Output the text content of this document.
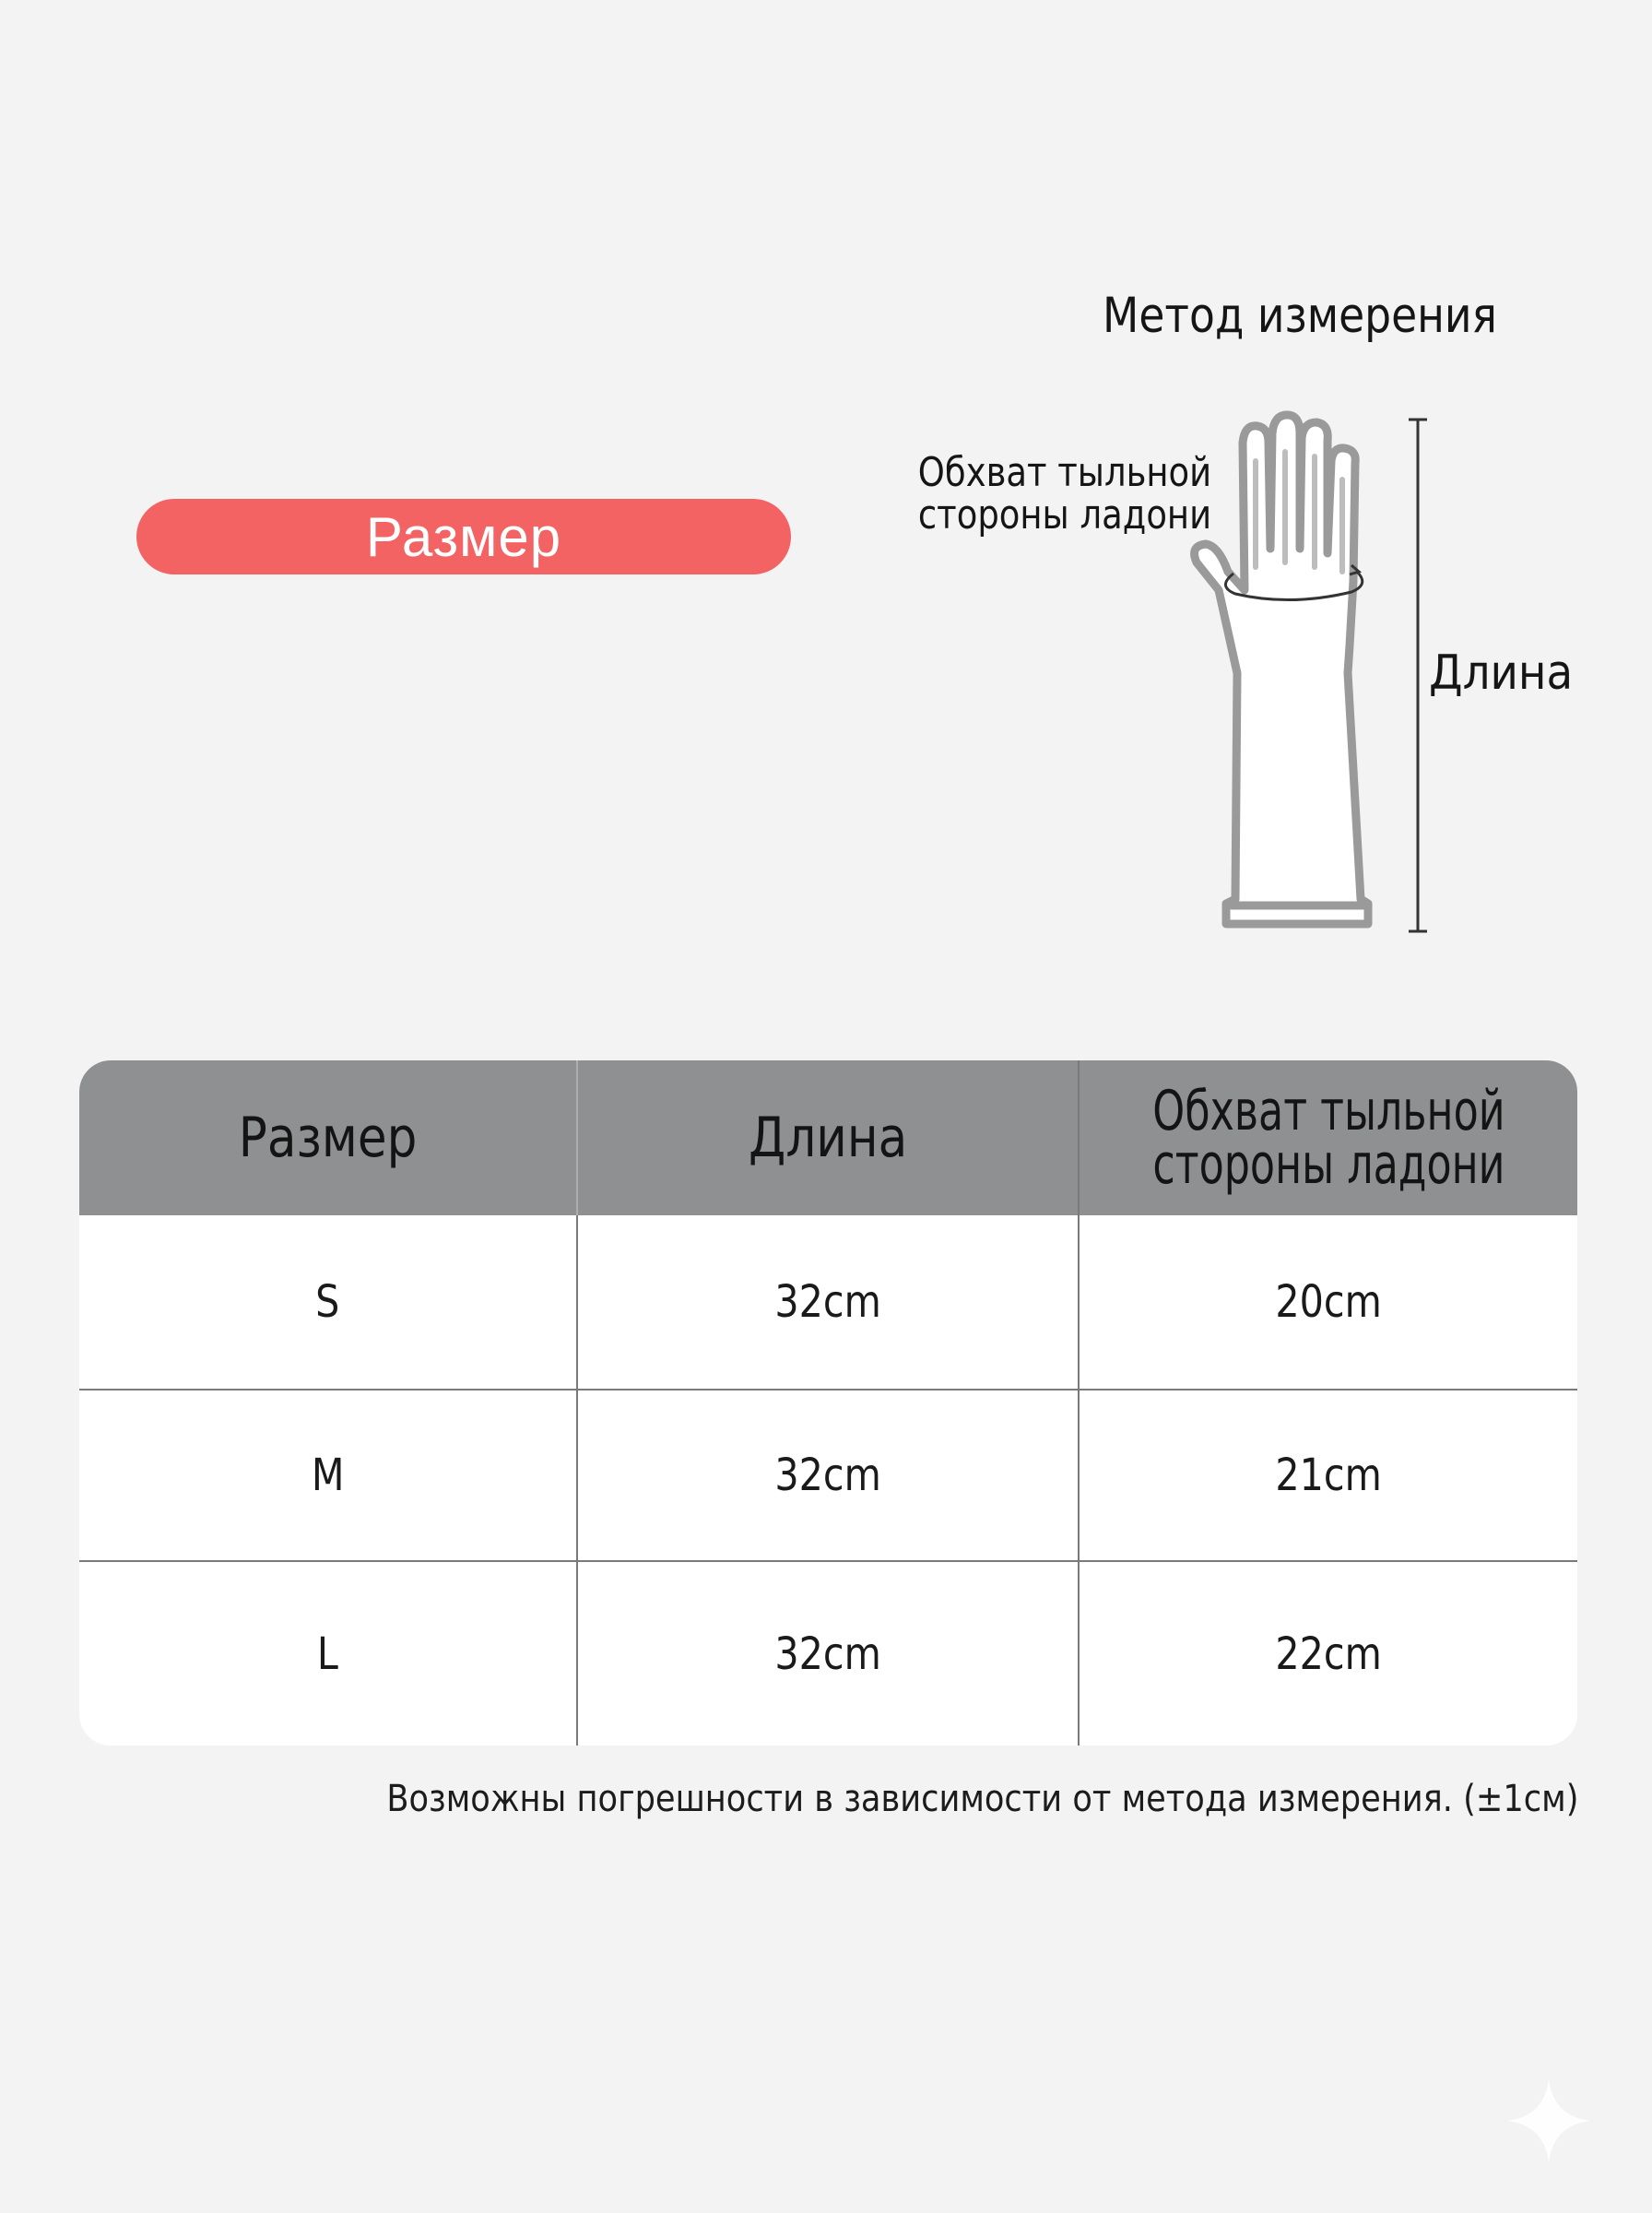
Размер
Метод измерения
Обхват тыльной
стороны ладони
Длина
Размер	Длина	Обхват тыльной
стороны ладони
S	32cm	20cm
M	32cm	21cm
L	32cm	22cm
Возможны погрешности в зависимости от метода измерения. (±1см)
